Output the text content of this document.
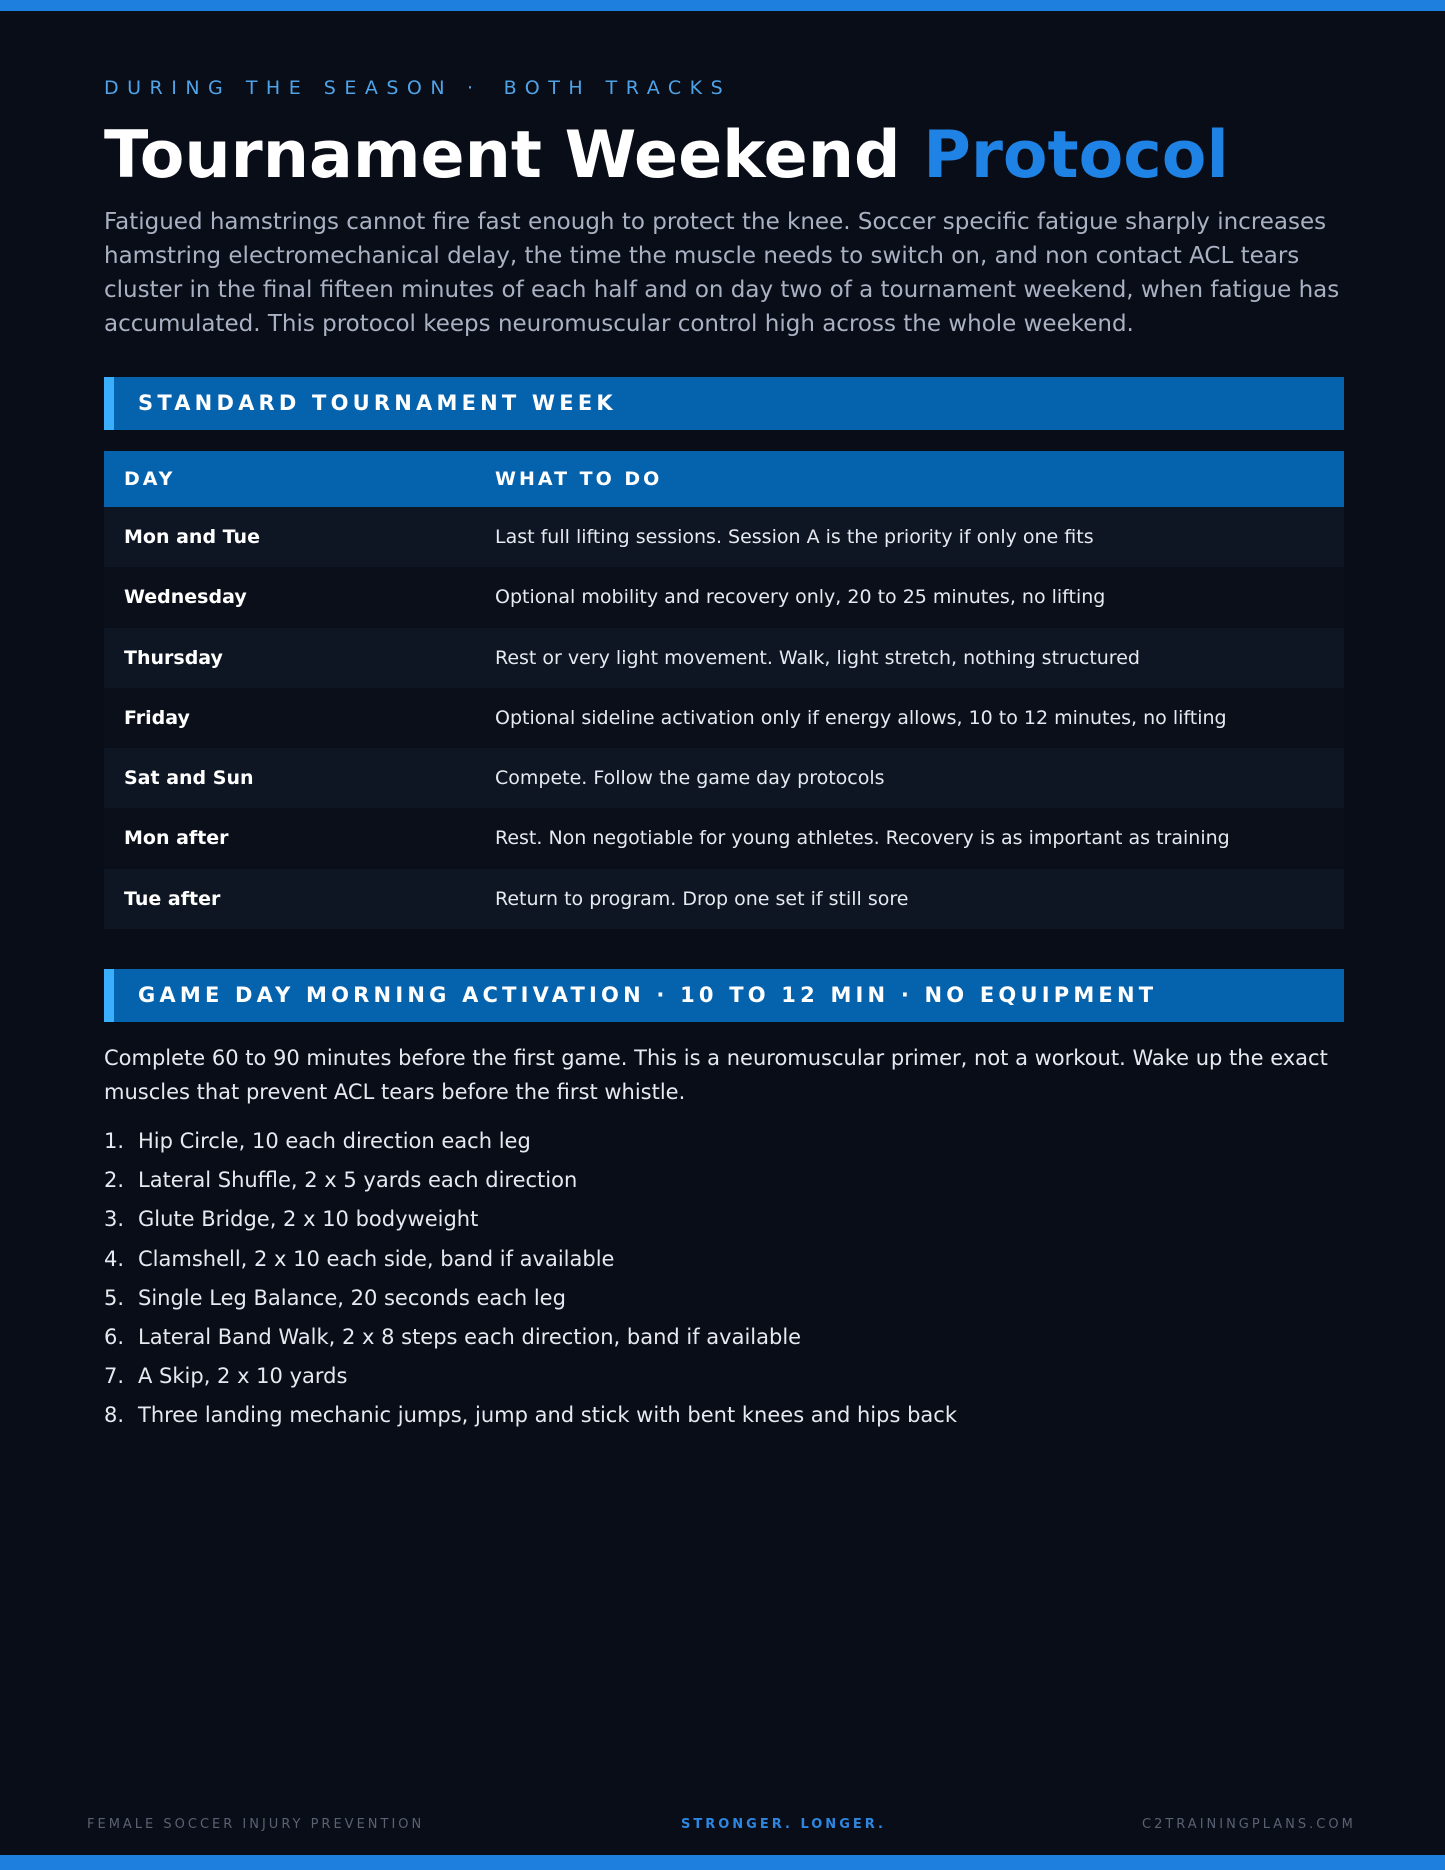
DURING THE SEASON · BOTH TRACKS
Tournament Weekend Protocol

Fatigued hamstrings cannot fire fast enough to protect the knee. Soccer specific fatigue sharply increases hamstring electromechanical delay, the time the muscle needs to switch on, and non contact ACL tears cluster in the final fifteen minutes of each half and on day two of a tournament weekend, when fatigue has accumulated. This protocol keeps neuromuscular control high across the whole weekend.

STANDARD TOURNAMENT WEEK
DAY	WHAT TO DO
Mon and Tue	Last full lifting sessions. Session A is the priority if only one fits
Wednesday	Optional mobility and recovery only, 20 to 25 minutes, no lifting
Thursday	Rest or very light movement. Walk, light stretch, nothing structured
Friday	Optional sideline activation only if energy allows, 10 to 12 minutes, no lifting
Sat and Sun	Compete. Follow the game day protocols
Mon after	Rest. Non negotiable for young athletes. Recovery is as important as training
Tue after	Return to program. Drop one set if still sore
GAME DAY MORNING ACTIVATION · 10 TO 12 MIN · NO EQUIPMENT

Complete 60 to 90 minutes before the first game. This is a neuromuscular primer, not a workout. Wake up the exact muscles that prevent ACL tears before the first whistle.

1. Hip Circle, 10 each direction each leg
2. Lateral Shuffle, 2 x 5 yards each direction
3. Glute Bridge, 2 x 10 bodyweight
4. Clamshell, 2 x 10 each side, band if available
5. Single Leg Balance, 20 seconds each leg
6. Lateral Band Walk, 2 x 8 steps each direction, band if available
7. A Skip, 2 x 10 yards
8. Three landing mechanic jumps, jump and stick with bent knees and hips back
FEMALE SOCCER INJURY PREVENTION	STRONGER. LONGER.	C2TRAININGPLANS.COM
